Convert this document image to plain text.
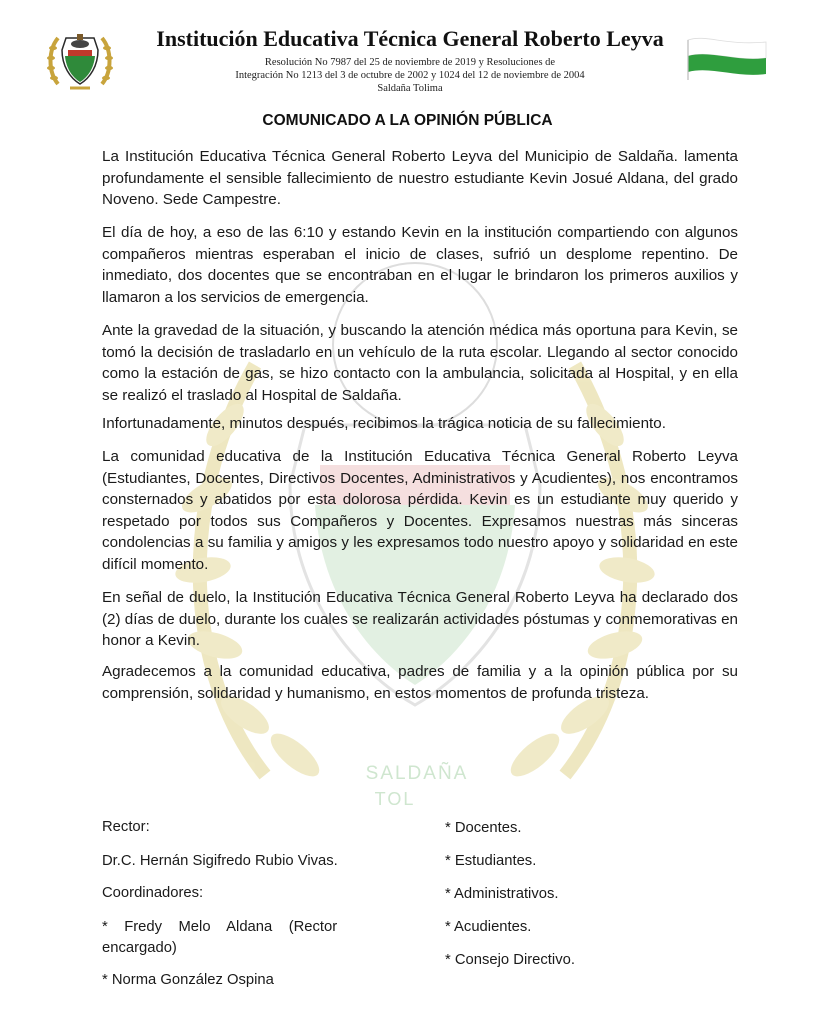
Institución Educativa Técnica General Roberto Leyva
Resolución No 7987 del 25 de noviembre de 2019 y Resoluciones de
Integración No 1213 del 3 de octubre de 2002 y 1024 del 12 de noviembre de 2004
Saldaña Tolima
SALDAÑA
TOL
COMUNICADO A LA OPINIÓN PÚBLICA
La Institución Educativa Técnica General Roberto Leyva del Municipio de Saldaña. lamenta profundamente el sensible fallecimiento de nuestro estudiante Kevin Josué Aldana, del grado Noveno. Sede Campestre.
El día de hoy, a eso de las 6:10 y estando Kevin en la institución compartiendo con algunos compañeros mientras esperaban el inicio de clases, sufrió un desplome repentino. De inmediato, dos docentes que se encontraban en el lugar le brindaron los primeros auxilios y llamaron a los servicios de emergencia.
Ante la gravedad de la situación, y buscando la atención médica más oportuna para Kevin, se tomó la decisión de trasladarlo en un vehículo de la ruta escolar. Llegando al sector conocido como la estación de gas, se hizo contacto con la ambulancia, solicitada al Hospital, y en ella se realizó el traslado al Hospital de Saldaña.
Infortunadamente, minutos después, recibimos la trágica noticia de su fallecimiento.
La comunidad educativa de la Institución Educativa Técnica General Roberto Leyva (Estudiantes, Docentes, Directivos Docentes, Administrativos y Acudientes), nos encontramos consternados y abatidos por esta dolorosa pérdida. Kevin es un estudiante muy querido y respetado por todos sus Compañeros y Docentes. Expresamos nuestras más sinceras condolencias a su familia y amigos y les expresamos todo nuestro apoyo y solidaridad en este difícil momento.
En señal de duelo, la Institución Educativa Técnica General Roberto Leyva ha declarado dos (2) días de duelo, durante los cuales se realizarán actividades póstumas y conmemorativas en honor a Kevin.
Agradecemos a la comunidad educativa, padres de familia y a la opinión pública por su comprensión, solidaridad y humanismo, en estos momentos de profunda tristeza.
Rector:
Dr.C. Hernán Sigifredo Rubio Vivas.
Coordinadores:
*    Fredy    Melo    Aldana    (Rector encargado)
* Norma González Ospina
* Docentes.
* Estudiantes.
* Administrativos.
* Acudientes.
* Consejo Directivo.
